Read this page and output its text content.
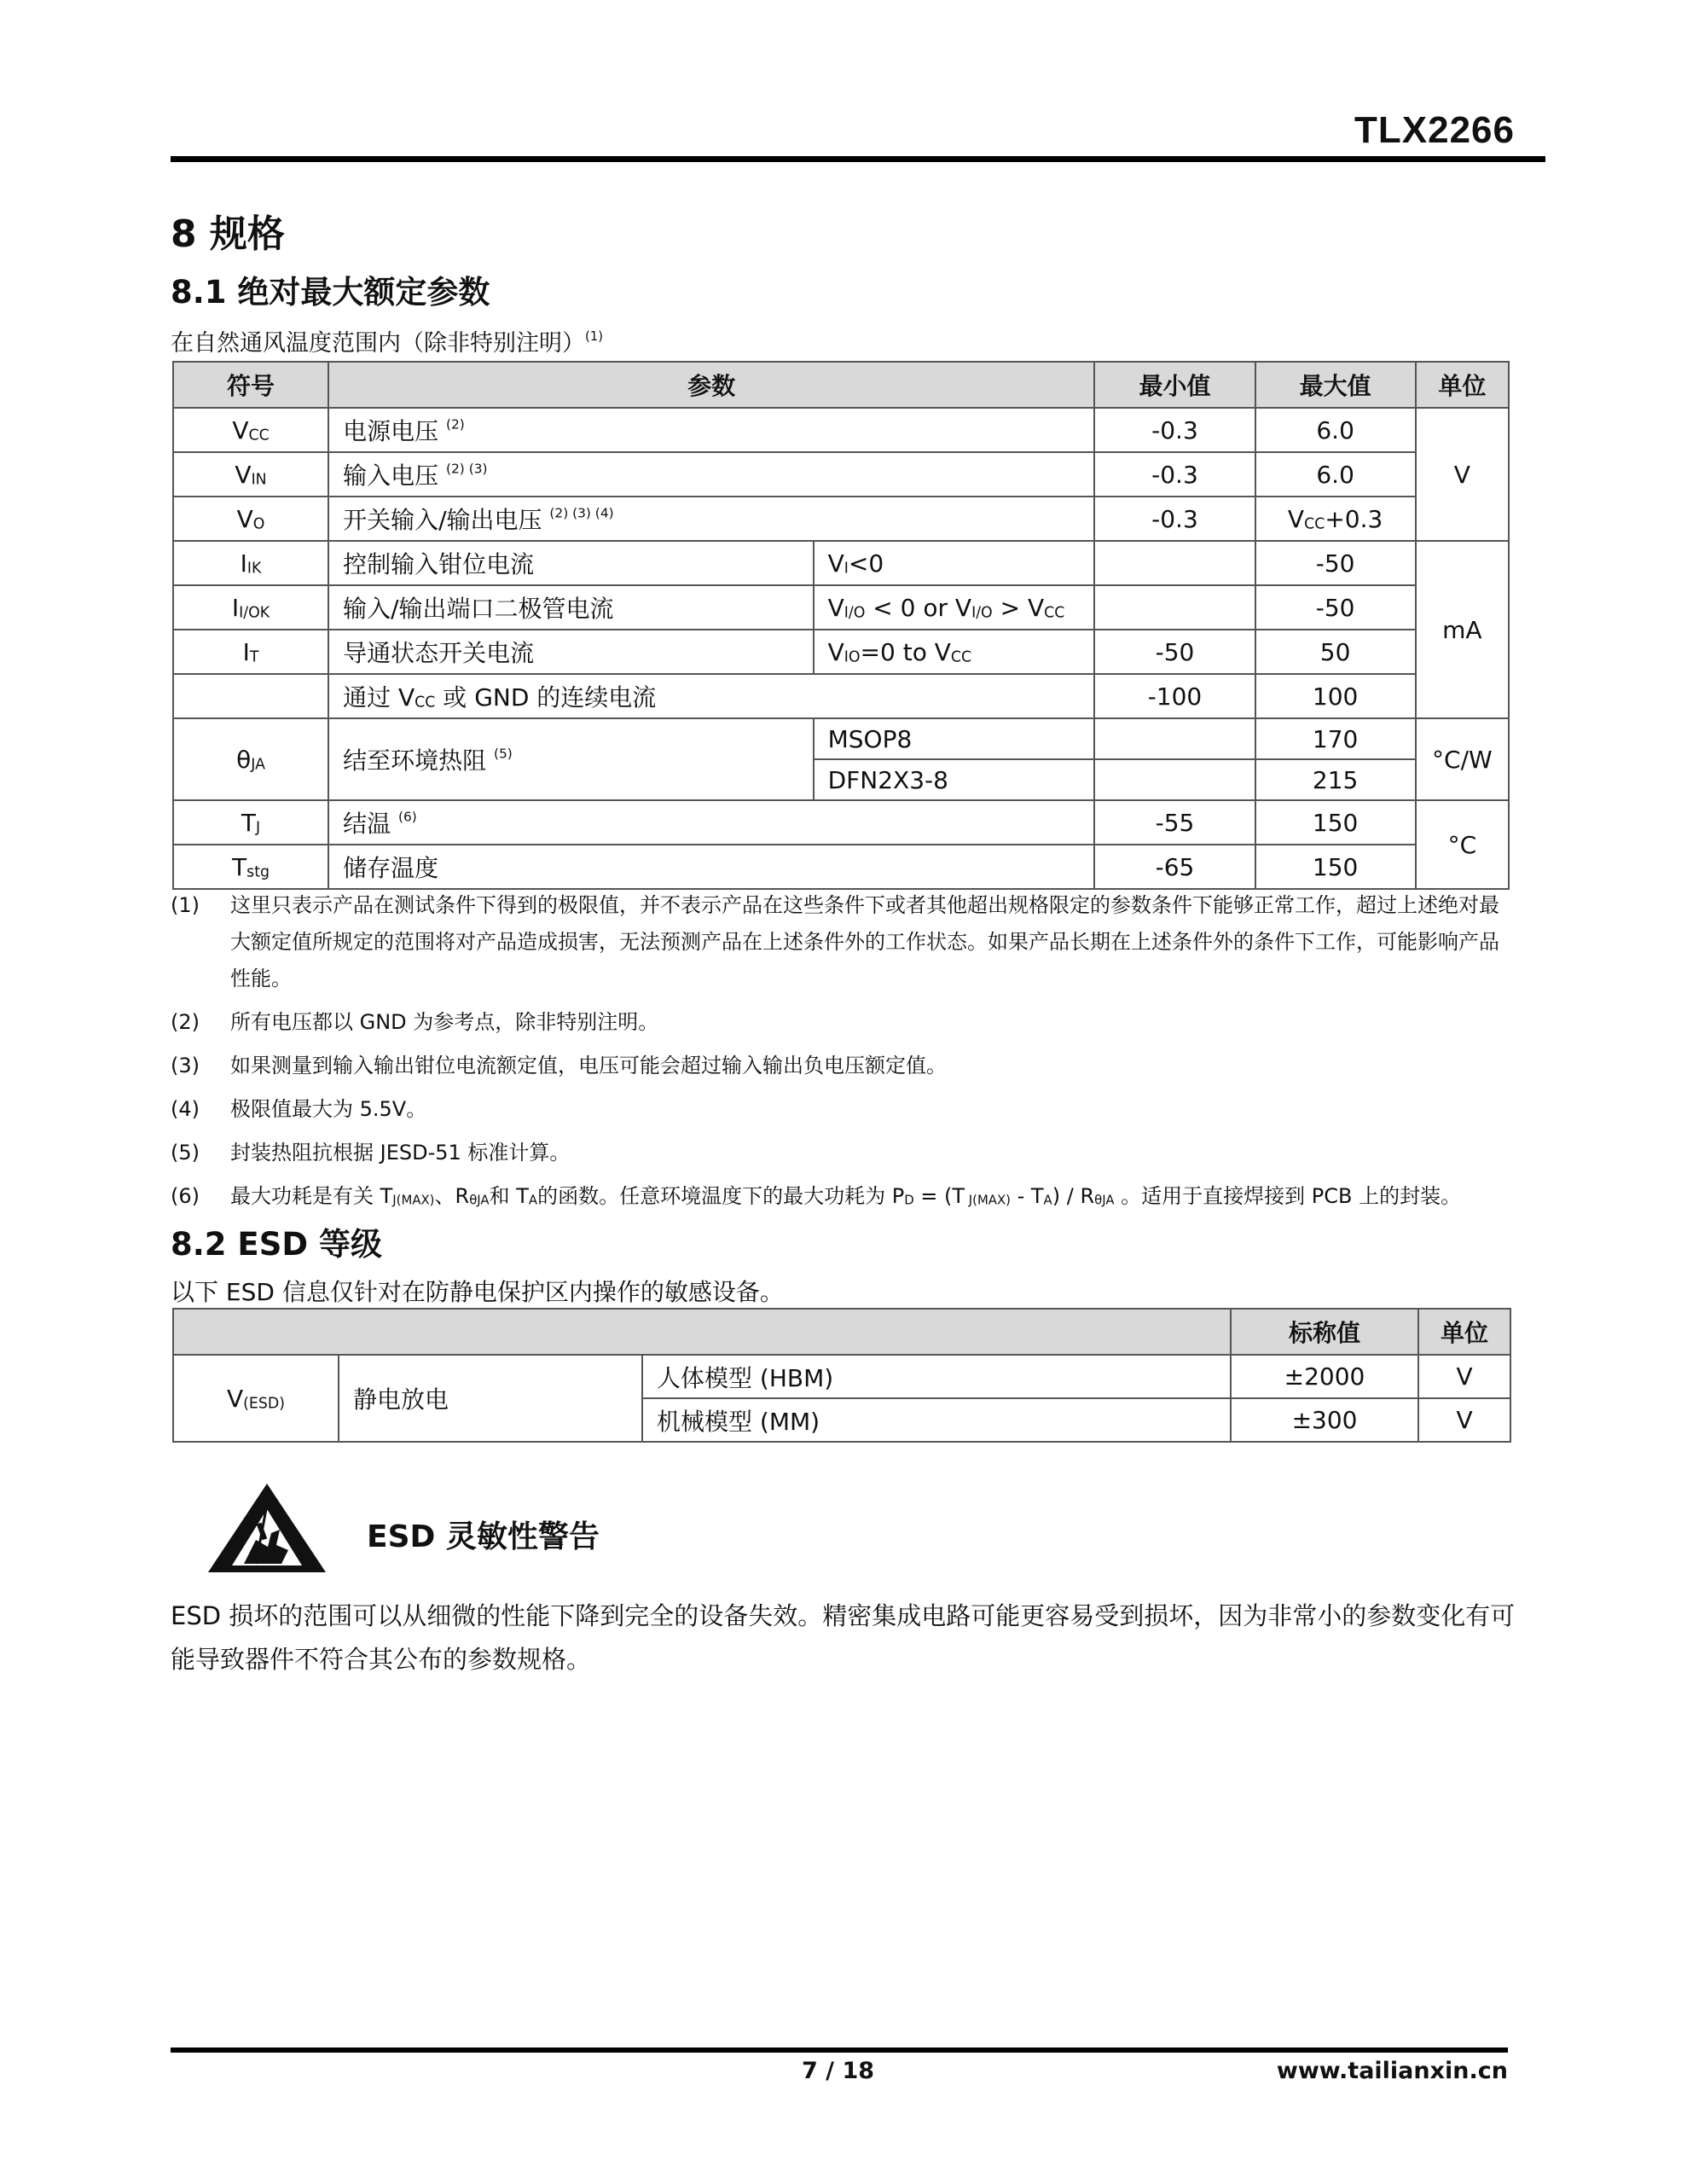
TLX2266
8 规格
8.1 绝对最大额定参数
在自然通风温度范围内（除非特别注明）$^{(1)}$
符号	参数		最小值	最大值	单位
$V_{CC}$	电源电压 $^{(2)}$		-0.3	6.0	V
$V_{IN}$	输入电压 $^{(2) (3)}$		-0.3	6.0	
$V_O$	开关输入/输出电压 $^{(2) (3) (4)}$		-0.3	$V_{CC}+0.3$	
$I_{IK}$	控制输入钳位电流	$V_I<0$		-50	mA
$I_{I/OK}$	输入/输出端口二极管电流	$V_{I/O} < 0$ or $V_{I/O} > V_{CC}$		-50	
$I_T$	导通状态开关电流	$V_{IO}=0$ to $V_{CC}$	-50	50	
	通过 $V_{CC}$ 或 GND 的连续电流		-100	100	
$\theta_{JA}$	结至环境热阻 $^{(5)}$	MSOP8		170	°C/W
		DFN2X3-8		215	
$T_J$	结温 $^{(6)}$		-55	150	°C
$T_{stg}$	储存温度		-65	150	
(1)	这里只表示产品在测试条件下得到的极限值，并不表示产品在这些条件下或者其他超出规格限定的参数条件下能够正常工作，超过上述绝对最大额定值所规定的范围将对产品造成损害，无法预测产品在上述条件外的工作状态。如果产品长期在上述条件外的条件下工作，可能影响产品性能。
(2)	所有电压都以 GND 为参考点，除非特别注明。
(3)	如果测量到输入输出钳位电流额定值，电压可能会超过输入输出负电压额定值。
(4)	极限值最大为 5.5V。
(5)	封装热阻抗根据 JESD-51 标准计算。
(6)	最大功耗是有关 $T_{J(MAX)}$、$R_{\theta JA}$和 $T_A$的函数。任意环境温度下的最大功耗为 $P_D = (T$ $_{J(MAX)} - T_A) / R_{\theta JA}$ 。适用于直接焊接到 PCB 上的封装。
8.2 ESD 等级
以下 ESD 信息仅针对在防静电保护区内操作的敏感设备。
			标称值	单位
$V_{(ESD)}$	静电放电	人体模型 (HBM)	±2000	V
		机械模型 (MM)	±300	V
ESD 灵敏性警告
ESD 损坏的范围可以从细微的性能下降到完全的设备失效。精密集成电路可能更容易受到损坏，因为非常小的参数变化有可能导致器件不符合其公布的参数规格。
7 / 18	www.tailianxin.cn
